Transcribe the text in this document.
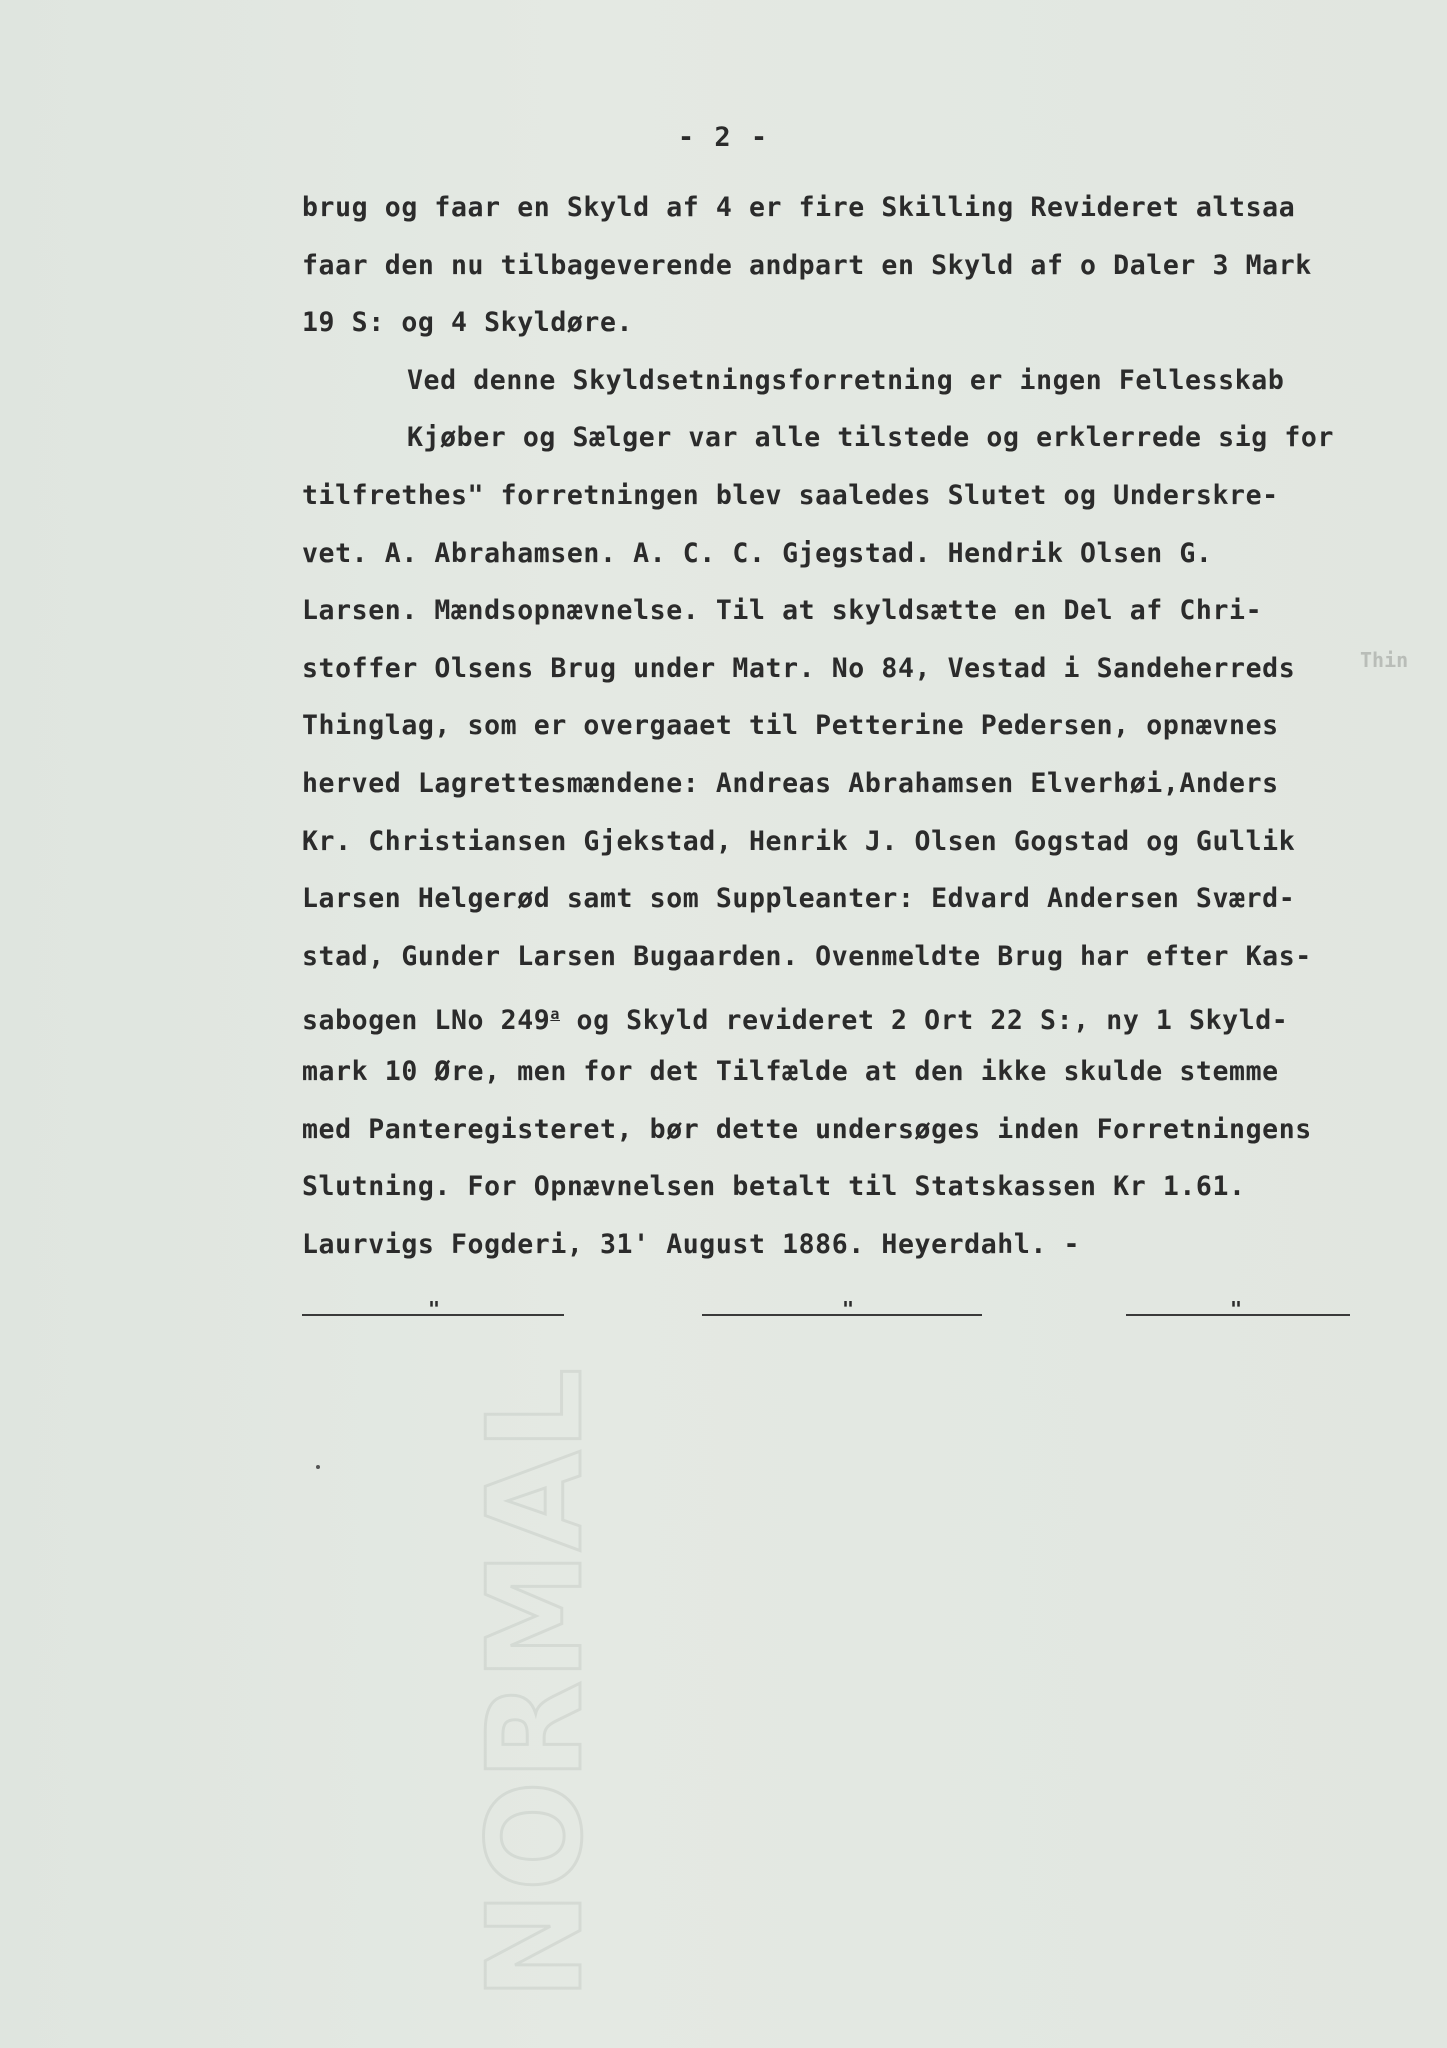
NORMAL
- 2 -
brug og faar en Skyld af 4 er fire Skilling Revideret altsaa
faar den nu tilbageverende andpart en Skyld af o Daler 3 Mark
19 S: og 4 Skyldøre.
Ved denne Skyldsetningsforretning er ingen Fellesskab
Kjøber og Sælger var alle tilstede og erklerrede sig for
tilfrethes" forretningen blev saaledes Slutet og Underskre-
vet. A. Abrahamsen. A. C. C. Gjegstad. Hendrik Olsen G.
Larsen. Mændsopnævnelse. Til at skyldsætte en Del af Chri-
stoffer Olsens Brug under Matr. No 84, Vestad i Sandeherreds
Thinglag, som er overgaaet til Petterine Pedersen, opnævnes
herved Lagrettesmændene: Andreas Abrahamsen Elverhøi,Anders
Kr. Christiansen Gjekstad, Henrik J. Olsen Gogstad og Gullik
Larsen Helgerød samt som Suppleanter: Edvard Andersen Sværd-
stad, Gunder Larsen Bugaarden. Ovenmeldte Brug har efter Kas-
sabogen LNo 249$^a$ og Skyld revideret 2 Ort 22 S:, ny 1 Skyld-
mark 10 Øre, men for det Tilfælde at den ikke skulde stemme
med Panteregisteret, bør dette undersøges inden Forretningens
Slutning. For Opnævnelsen betalt til Statskassen Kr 1.61.
Laurvigs Fogderi, 31' August 1886. Heyerdahl. -
Thin
"	"	"
